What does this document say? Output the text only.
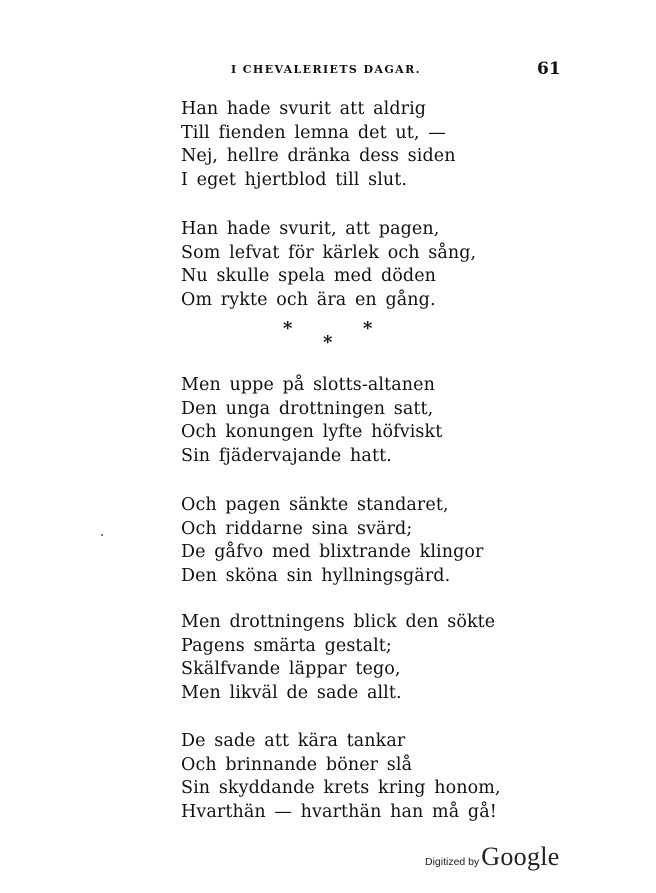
I CHEVALERIETS DAGAR.	61
Han hade svurit att aldrig
Till fienden lemna det ut, —
Nej, hellre dränka dess siden
I eget hjertblod till slut.
Han hade svurit, att pagen,
Som lefvat för kärlek och sång,
Nu skulle spela med döden
Om rykte och ära en gång.
*
*
*
Men uppe på slotts-altanen
Den unga drottningen satt,
Och konungen lyfte höfviskt
Sin fjädervajande hatt.
Och pagen sänkte standaret,
Och riddarne sina svärd;
De gåfvo med blixtrande klingor
Den sköna sin hyllningsgärd.
Men drottningens blick den sökte
Pagens smärta gestalt;
Skälfvande läppar tego,
Men likväl de sade allt.
De sade att kära tankar
Och brinnande böner slå
Sin skyddande krets kring honom,
Hvarthän — hvarthän han må gå!
Digitized by Google
